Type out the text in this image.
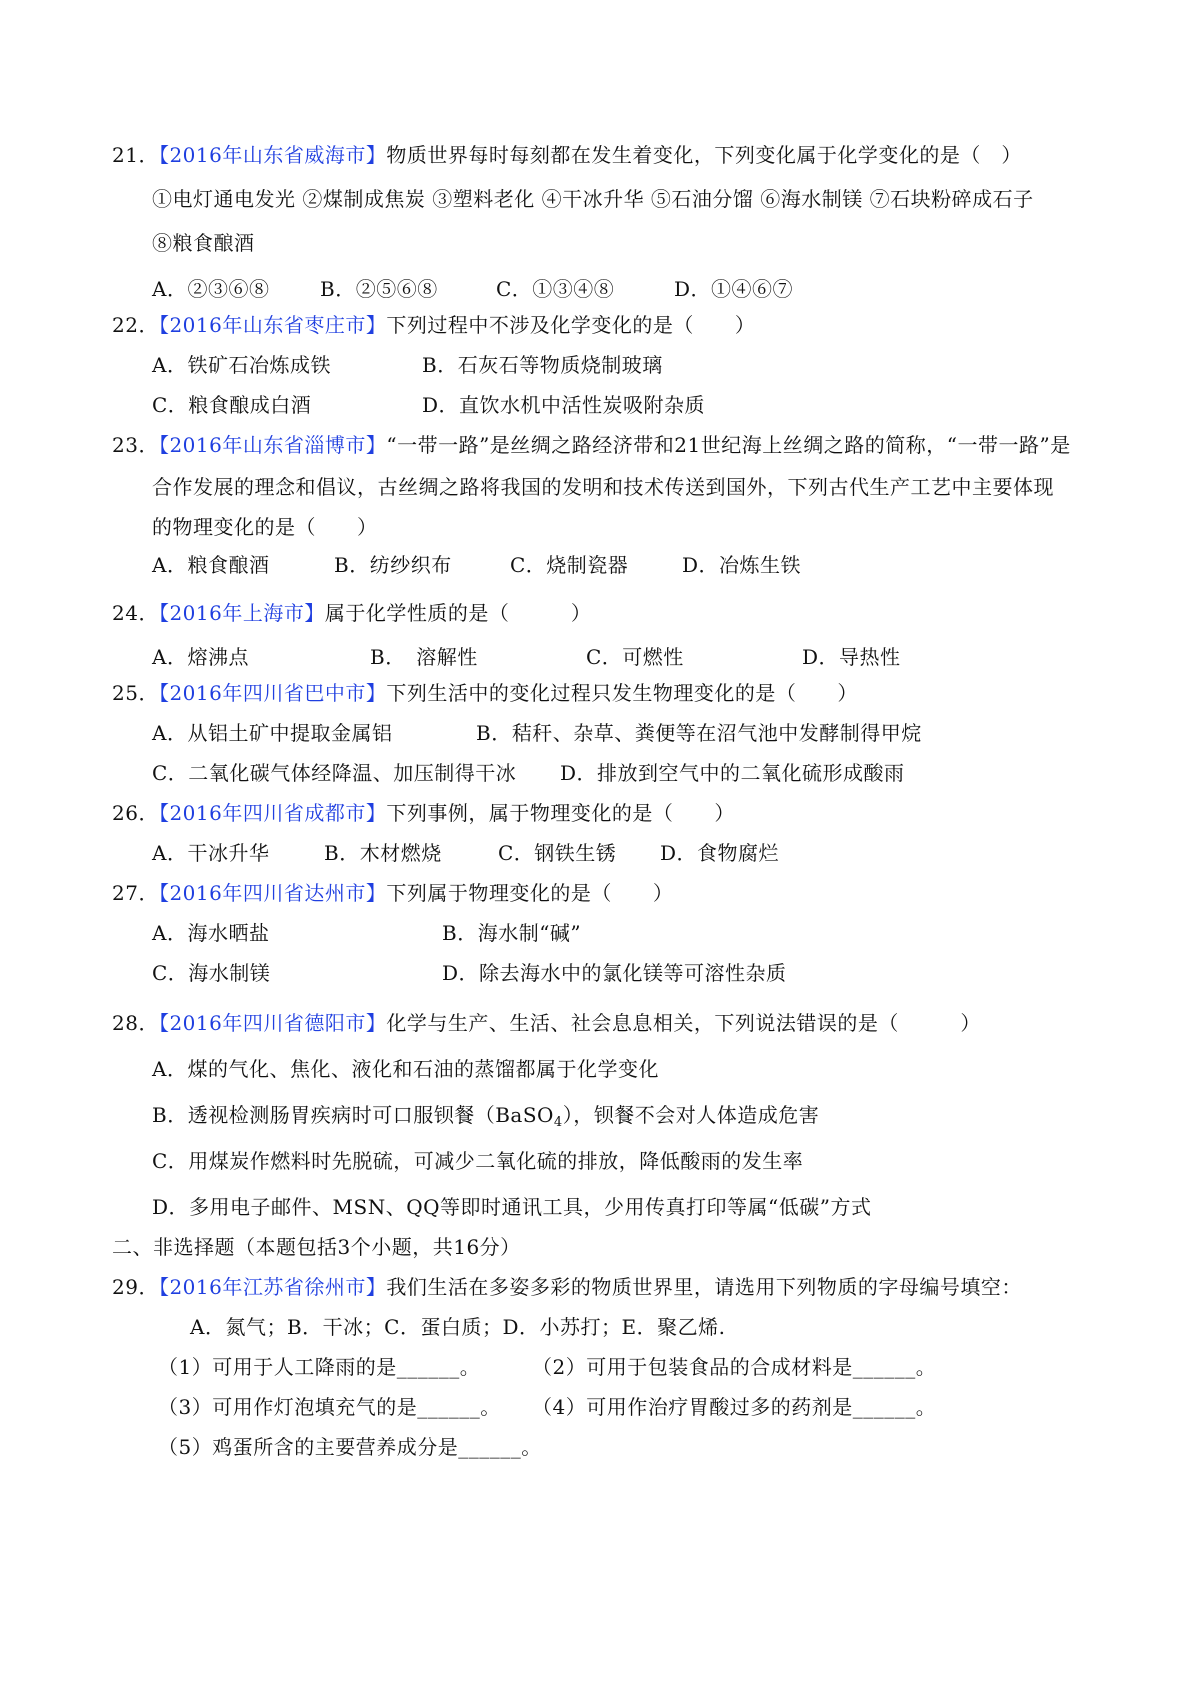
21．【2016年山东省威海市】物质世界每时每刻都在发生着变化，下列变化属于化学变化的是（　）
①电灯通电发光 ②煤制成焦炭 ③塑料老化 ④干冰升华 ⑤石油分馏 ⑥海水制镁 ⑦石块粉碎成石子
⑧粮食酿酒
A．②③⑥⑧	B．②⑤⑥⑧	C．①③④⑧	D．①④⑥⑦
22．【2016年山东省枣庄市】下列过程中不涉及化学变化的是（　　）
A．铁矿石冶炼成铁	B．石灰石等物质烧制玻璃
C．粮食酿成白酒	D．直饮水机中活性炭吸附杂质
23．【2016年山东省淄博市】“一带一路”是丝绸之路经济带和21世纪海上丝绸之路的简称，“一带一路”是
合作发展的理念和倡议，古丝绸之路将我国的发明和技术传送到国外，下列古代生产工艺中主要体现
的物理变化的是（　　）
A．粮食酿酒	B．纺纱织布	C．烧制瓷器	D．冶炼生铁
24．【2016年上海市】属于化学性质的是（　　　）
A．熔沸点	B．　溶解性	C．可燃性	D．导热性
25．【2016年四川省巴中市】下列生活中的变化过程只发生物理变化的是（　　）
A．从铝土矿中提取金属铝	B．秸秆、杂草、粪便等在沼气池中发酵制得甲烷
C．二氧化碳气体经降温、加压制得干冰 D．排放到空气中的二氧化硫形成酸雨
26．【2016年四川省成都市】下列事例，属于物理变化的是（　　）
A．干冰升华	B．木材燃烧	C．钢铁生锈 D．食物腐烂
27．【2016年四川省达州市】下列属于物理变化的是（　　）
A．海水晒盐	B．海水制“碱”
C．海水制镁	D．除去海水中的氯化镁等可溶性杂质
28．【2016年四川省德阳市】化学与生产、生活、社会息息相关，下列说法错误的是（　　　）
A．煤的气化、焦化、液化和石油的蒸馏都属于化学变化
B．透视检测肠胃疾病时可口服钡餐（BaSO$_4$），钡餐不会对人体造成危害
C．用煤炭作燃料时先脱硫，可减少二氧化硫的排放，降低酸雨的发生率
D．多用电子邮件、MSN、QQ等即时通讯工具，少用传真打印等属“低碳”方式
二、非选择题（本题包括3个小题，共16分）
29．【2016年江苏省徐州市】我们生活在多姿多彩的物质世界里，请选用下列物质的字母编号填空：
A．氮气；B．干冰；C．蛋白质；D．小苏打；E．聚乙烯.
（1）可用于人工降雨的是______。	（2）可用于包装食品的合成材料是______。
（3）可用作灯泡填充气的是______。 （4）可用作治疗胃酸过多的药剂是______。
（5）鸡蛋所含的主要营养成分是______。
